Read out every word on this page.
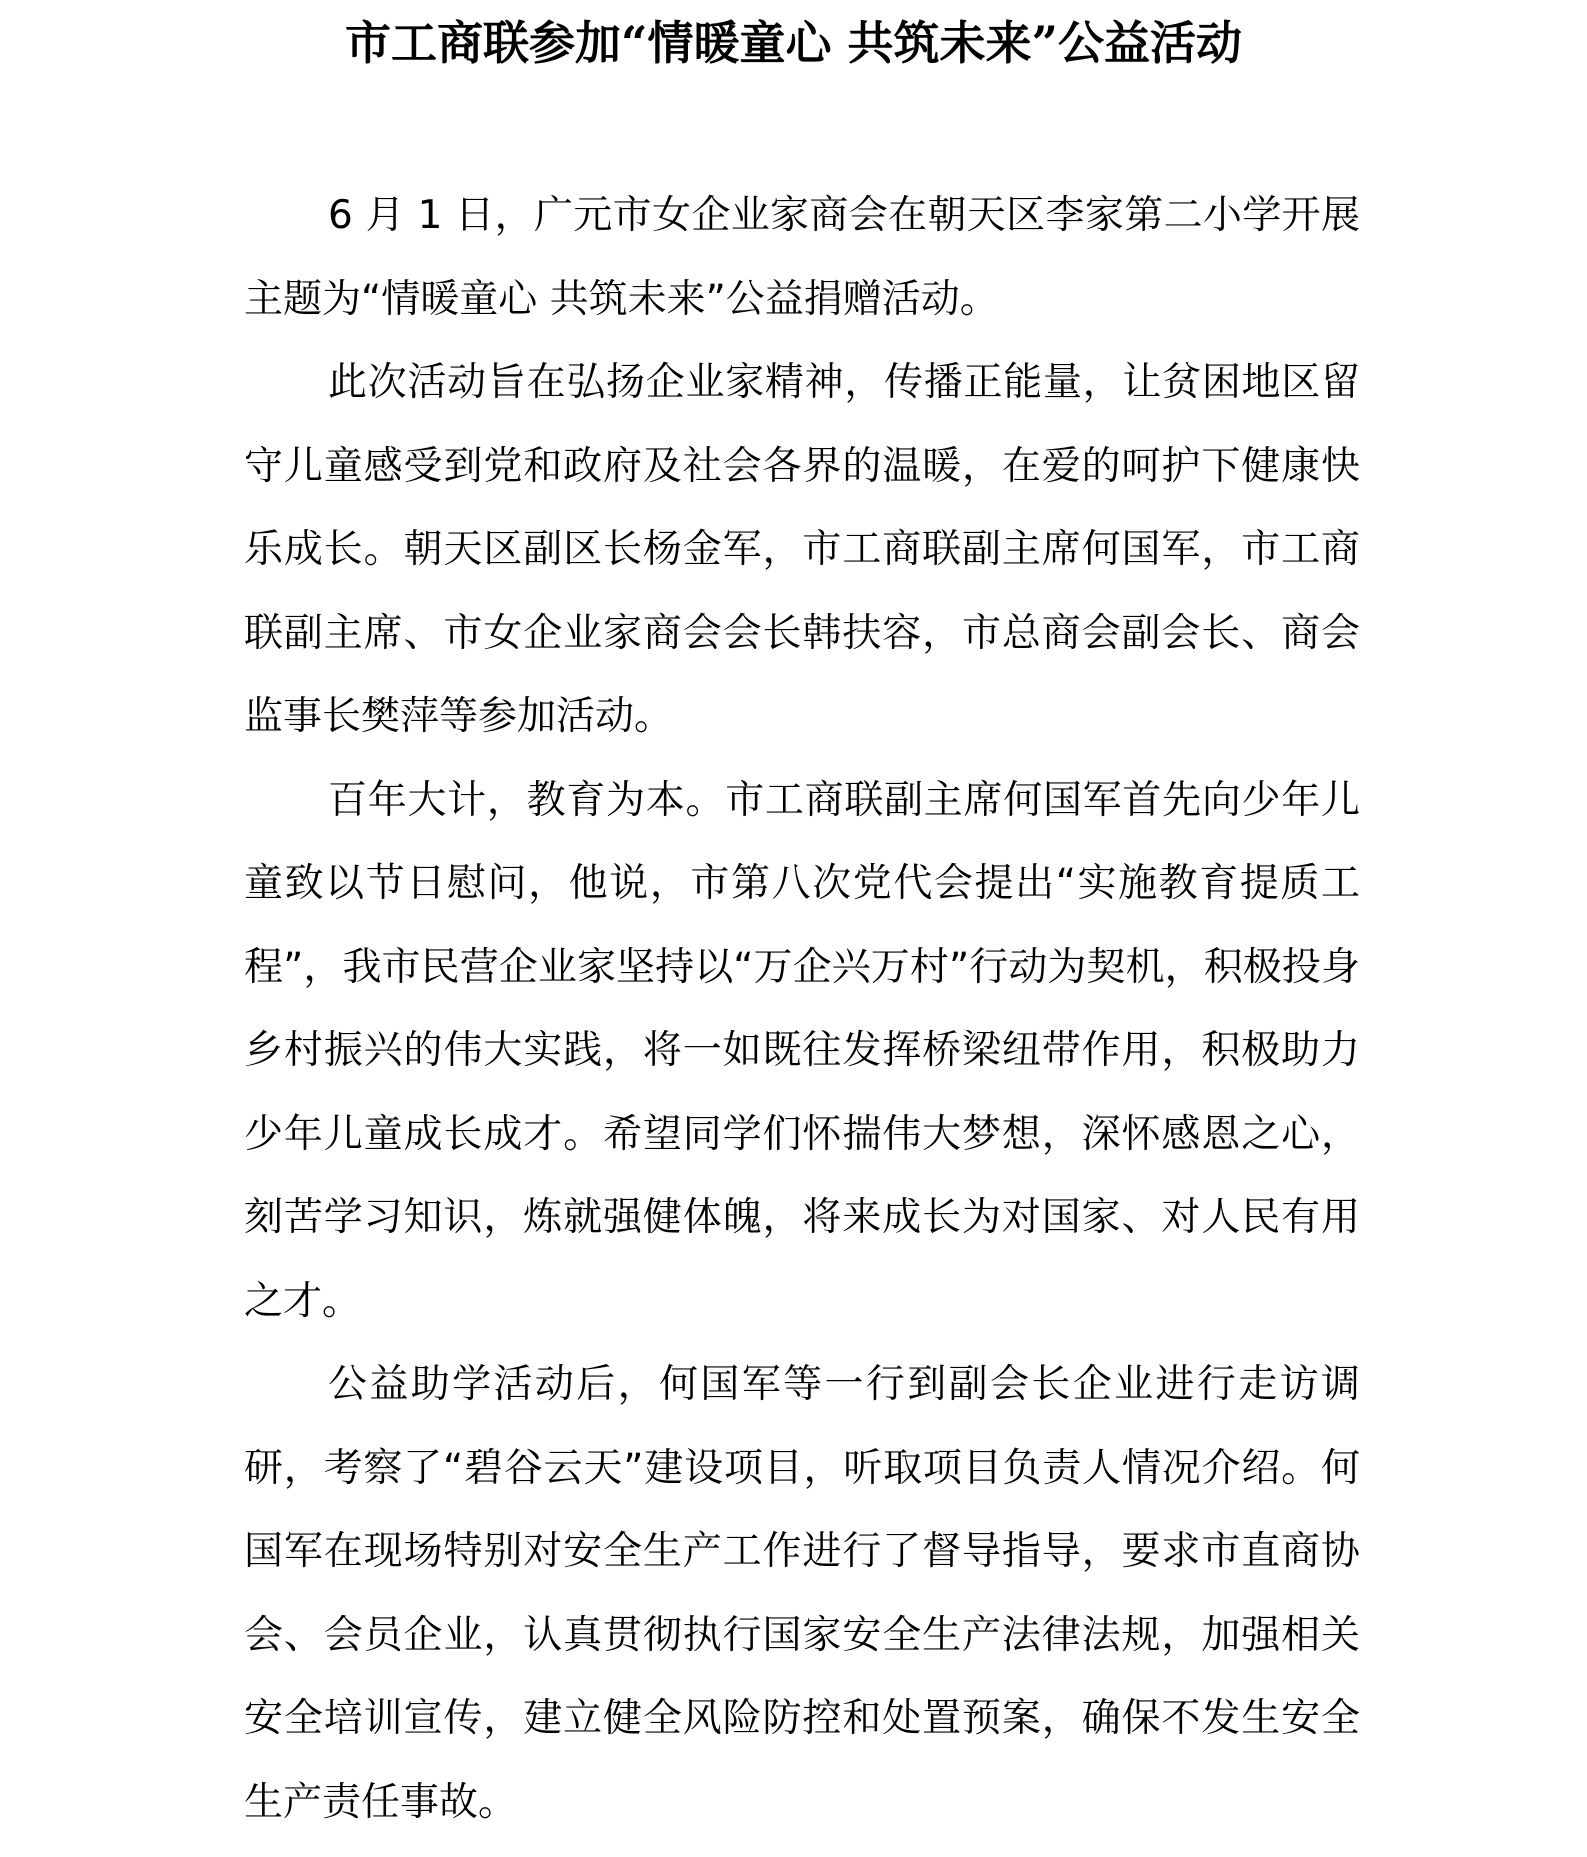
市工商联参加“情暖童心 共筑未来”公益活动

6 月 1 日，广元市女企业家商会在朝天区李家第二小学开展主题为“情暖童心 共筑未来”公益捐赠活动。

此次活动旨在弘扬企业家精神，传播正能量，让贫困地区留守儿童感受到党和政府及社会各界的温暖，在爱的呵护下健康快乐成长。朝天区副区长杨金军，市工商联副主席何国军，市工商联副主席、市女企业家商会会长韩扶容，市总商会副会长、商会监事长樊萍等参加活动。

百年大计，教育为本。市工商联副主席何国军首先向少年儿童致以节日慰问，他说，市第八次党代会提出“实施教育提质工程”，我市民营企业家坚持以“万企兴万村”行动为契机，积极投身乡村振兴的伟大实践，将一如既往发挥桥梁纽带作用，积极助力少年儿童成长成才。希望同学们怀揣伟大梦想，深怀感恩之心，刻苦学习知识，炼就强健体魄，将来成长为对国家、对人民有用之才。

公益助学活动后，何国军等一行到副会长企业进行走访调研，考察了“碧谷云天”建设项目，听取项目负责人情况介绍。何国军在现场特别对安全生产工作进行了督导指导，要求市直商协会、会员企业，认真贯彻执行国家安全生产法律法规，加强相关安全培训宣传，建立健全风险防控和处置预案，确保不发生安全生产责任事故。
